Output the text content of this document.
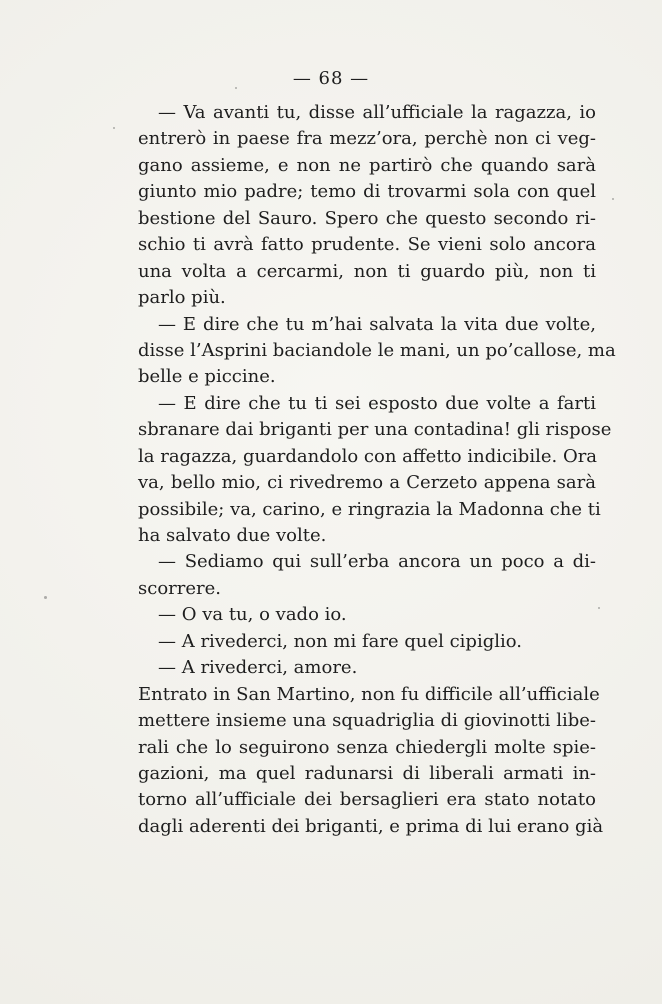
— 68 —
— Va avanti tu, disse all’ufficiale la ragazza, io
entrerò in paese fra mezz’ora, perchè non ci veg-
gano assieme, e non ne partirò che quando sarà
giunto mio padre; temo di trovarmi sola con quel
bestione del Sauro. Spero che questo secondo ri-
schio ti avrà fatto prudente. Se vieni solo ancora
una volta a cercarmi, non ti guardo più, non ti
parlo più.
— E dire che tu m’hai salvata la vita due volte,
disse l’Asprini baciandole le mani, un po’callose, ma
belle e piccine.
— E dire che tu ti sei esposto due volte a farti
sbranare dai briganti per una contadina! gli rispose
la ragazza, guardandolo con affetto indicibile. Ora
va, bello mio, ci rivedremo a Cerzeto appena sarà
possibile; va, carino, e ringrazia la Madonna che ti
ha salvato due volte.
— Sediamo qui sull’erba ancora un poco a di-
scorrere.
— O va tu, o vado io.
— A rivederci, non mi fare quel cipiglio.
— A rivederci, amore.
Entrato in San Martino, non fu difficile all’ufficiale
mettere insieme una squadriglia di giovinotti libe-
rali che lo seguirono senza chiedergli molte spie-
gazioni, ma quel radunarsi di liberali armati in-
torno all’ufficiale dei bersaglieri era stato notato
dagli aderenti dei briganti, e prima di lui erano già
